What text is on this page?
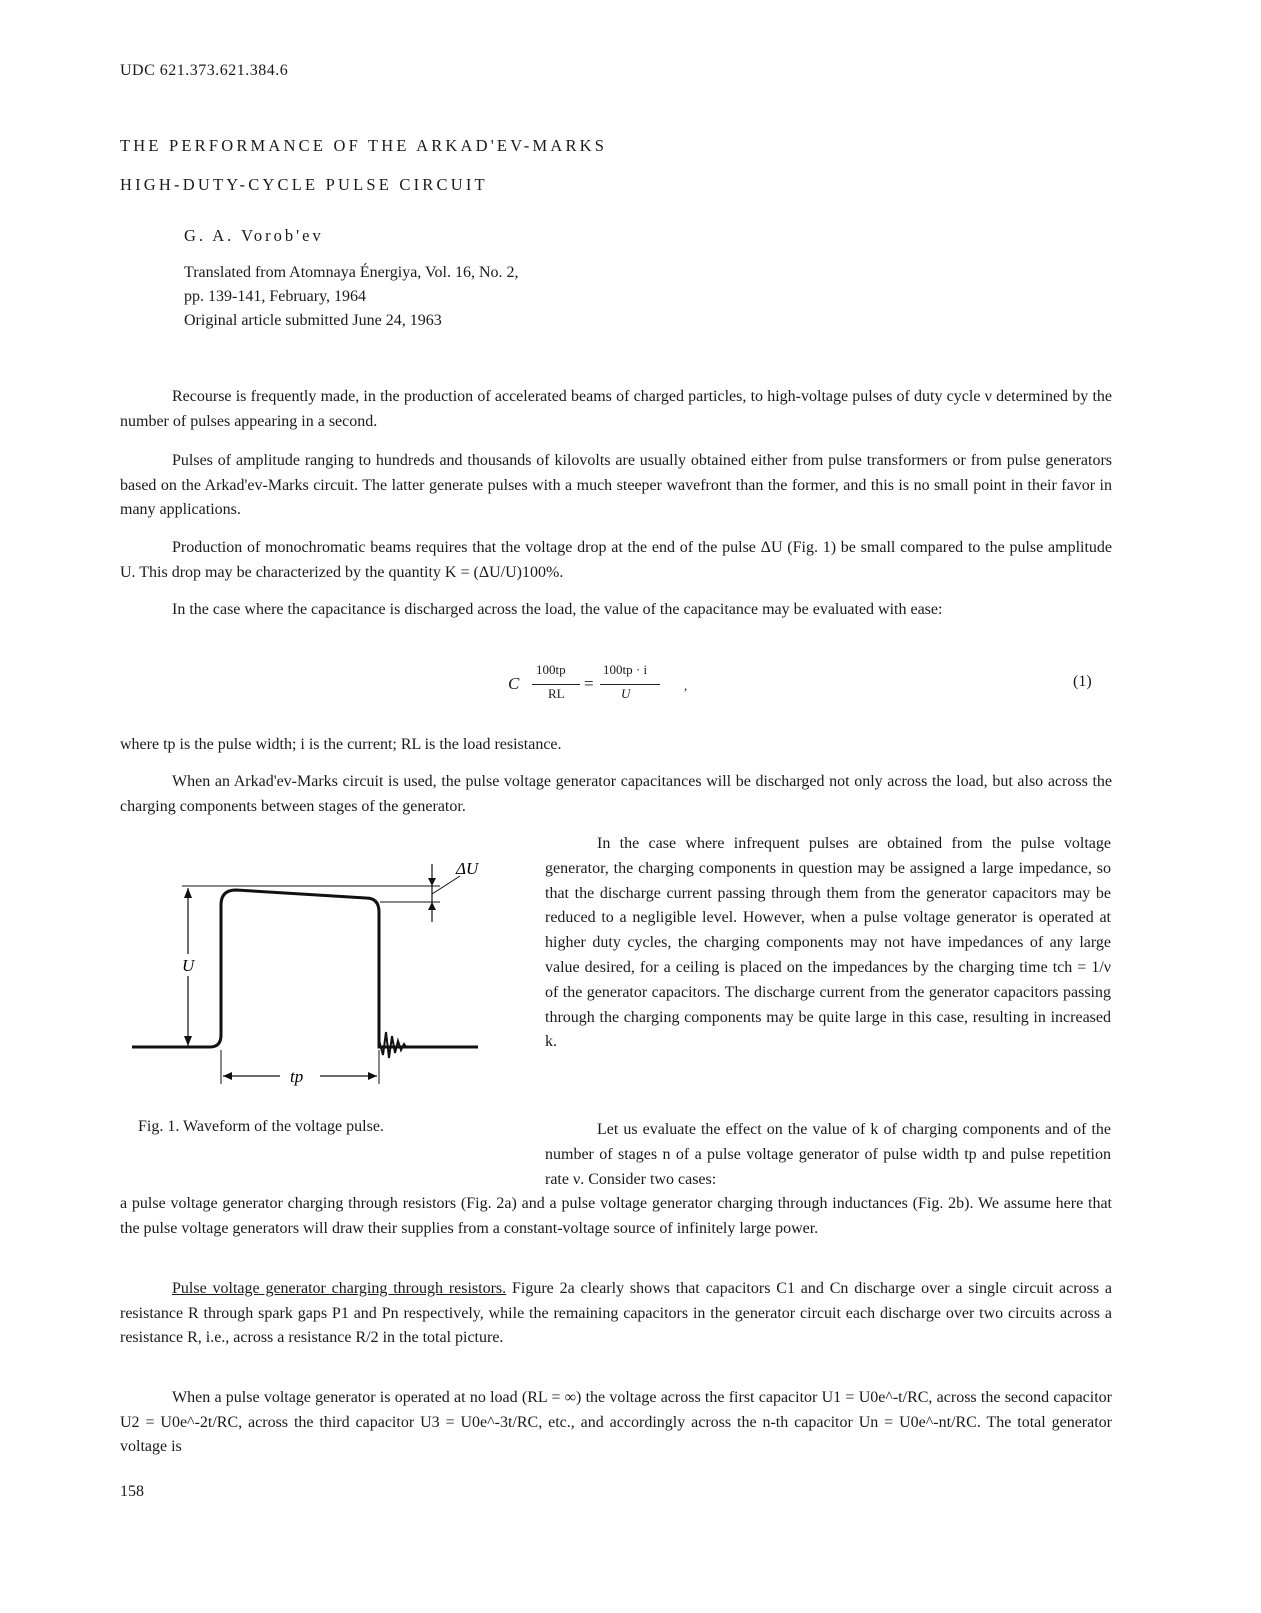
UDC 621.373.621.384.6
THE PERFORMANCE OF THE ARKAD'EV-MARKS
HIGH-DUTY-CYCLE PULSE CIRCUIT
G. A. Vorob'ev
Translated from Atomnaya Énergiya, Vol. 16, No. 2,
pp. 139-141, February, 1964
Original article submitted June 24, 1963

Recourse is frequently made, in the production of accelerated beams of charged particles, to high-voltage pulses of duty cycle ν determined by the number of pulses appearing in a second.

Pulses of amplitude ranging to hundreds and thousands of kilovolts are usually obtained either from pulse transformers or from pulse generators based on the Arkad'ev-Marks circuit. The latter generate pulses with a much steeper wavefront than the former, and this is no small point in their favor in many applications.

Production of monochromatic beams requires that the voltage drop at the end of the pulse ΔU (Fig. 1) be small compared to the pulse amplitude U. This drop may be characterized by the quantity K = (ΔU/U)100%.

In the case where the capacitance is discharged across the load, the value of the capacitance may be evaluated with ease:

C
100tp
RL
=
100tp · i
U
,	(1)

where tp is the pulse width; i is the current; RL is the load resistance.

When an Arkad'ev-Marks circuit is used, the pulse voltage generator capacitances will be discharged not only across the load, but also across the charging components between stages of the generator.

ΔU
U
tp
Fig. 1. Waveform of the voltage pulse.

In the case where infrequent pulses are obtained from the pulse voltage generator, the charging components in question may be assigned a large impedance, so that the discharge current passing through them from the generator capacitors may be reduced to a negligible level. However, when a pulse voltage generator is operated at higher duty cycles, the charging components may not have impedances of any large value desired, for a ceiling is placed on the impedances by the charging time tch = 1/ν of the generator capacitors. The discharge current from the generator capacitors passing through the charging components may be quite large in this case, resulting in increased k.

Let us evaluate the effect on the value of k of charging components and of the number of stages n of a pulse voltage generator of pulse width tp and pulse repetition rate ν. Consider two cases:

a pulse voltage generator charging through resistors (Fig. 2a) and a pulse voltage generator charging through inductances (Fig. 2b). We assume here that the pulse voltage generators will draw their supplies from a constant-voltage source of infinitely large power.

Pulse voltage generator charging through resistors. Figure 2a clearly shows that capacitors C1 and Cn discharge over a single circuit across a resistance R through spark gaps P1 and Pn respectively, while the remaining capacitors in the generator circuit each discharge over two circuits across a resistance R, i.e., across a resistance R/2 in the total picture.

When a pulse voltage generator is operated at no load (RL = ∞) the voltage across the first capacitor U1 = U0e^-t/RC, across the second capacitor U2 = U0e^-2t/RC, across the third capacitor U3 = U0e^-3t/RC, etc., and accordingly across the n-th capacitor Un = U0e^-nt/RC. The total generator voltage is

158
